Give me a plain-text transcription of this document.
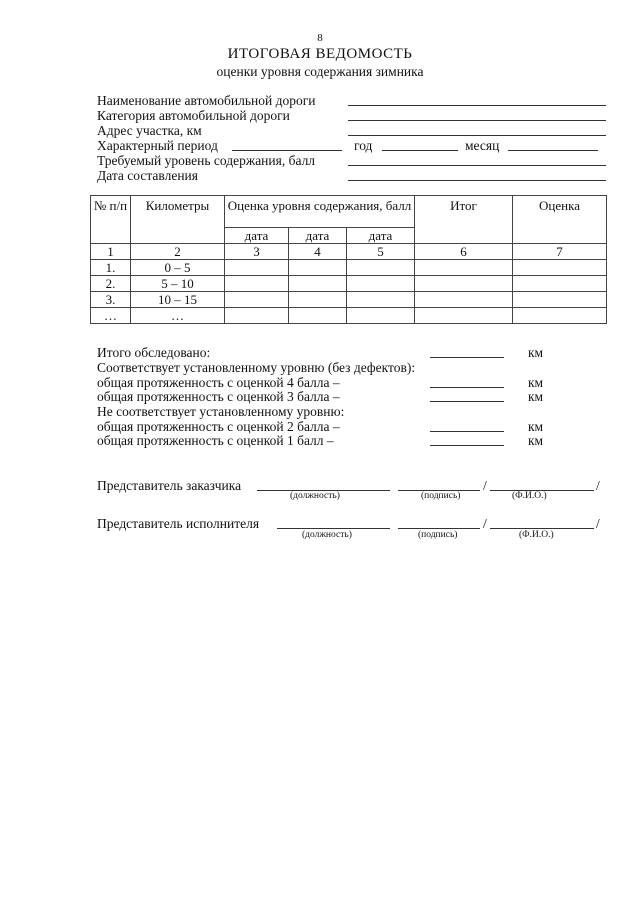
8
ИТОГОВАЯ ВЕДОМОСТЬ
оценки уровня содержания зимника
Наименование автомобильной дороги
Категория автомобильной дороги
Адрес участка, км
Характерный период	год	месяц
Требуемый уровень содержания, балл
Дата составления
№ п/п	Километры	Оценка уровня содержания, балл			Итог	Оценка
		дата	дата	дата		
1	2	3	4	5	6	7
1.	0 – 5					
2.	5 – 10					
3.	10 – 15					
…	…					
Итого обследовано:	км
Соответствует установленному уровню (без дефектов):
общая протяженность с оценкой 4 балла –	км
общая протяженность с оценкой 3 балла –	км
Не соответствует установленному уровню:
общая протяженность с оценкой 2 балла –	км
общая протяженность с оценкой 1 балл –	км
Представитель заказчика	/	/
(должность)	(подпись)	(Ф.И.О.)
Представитель исполнителя	/	/
(должность)	(подпись)	(Ф.И.О.)
